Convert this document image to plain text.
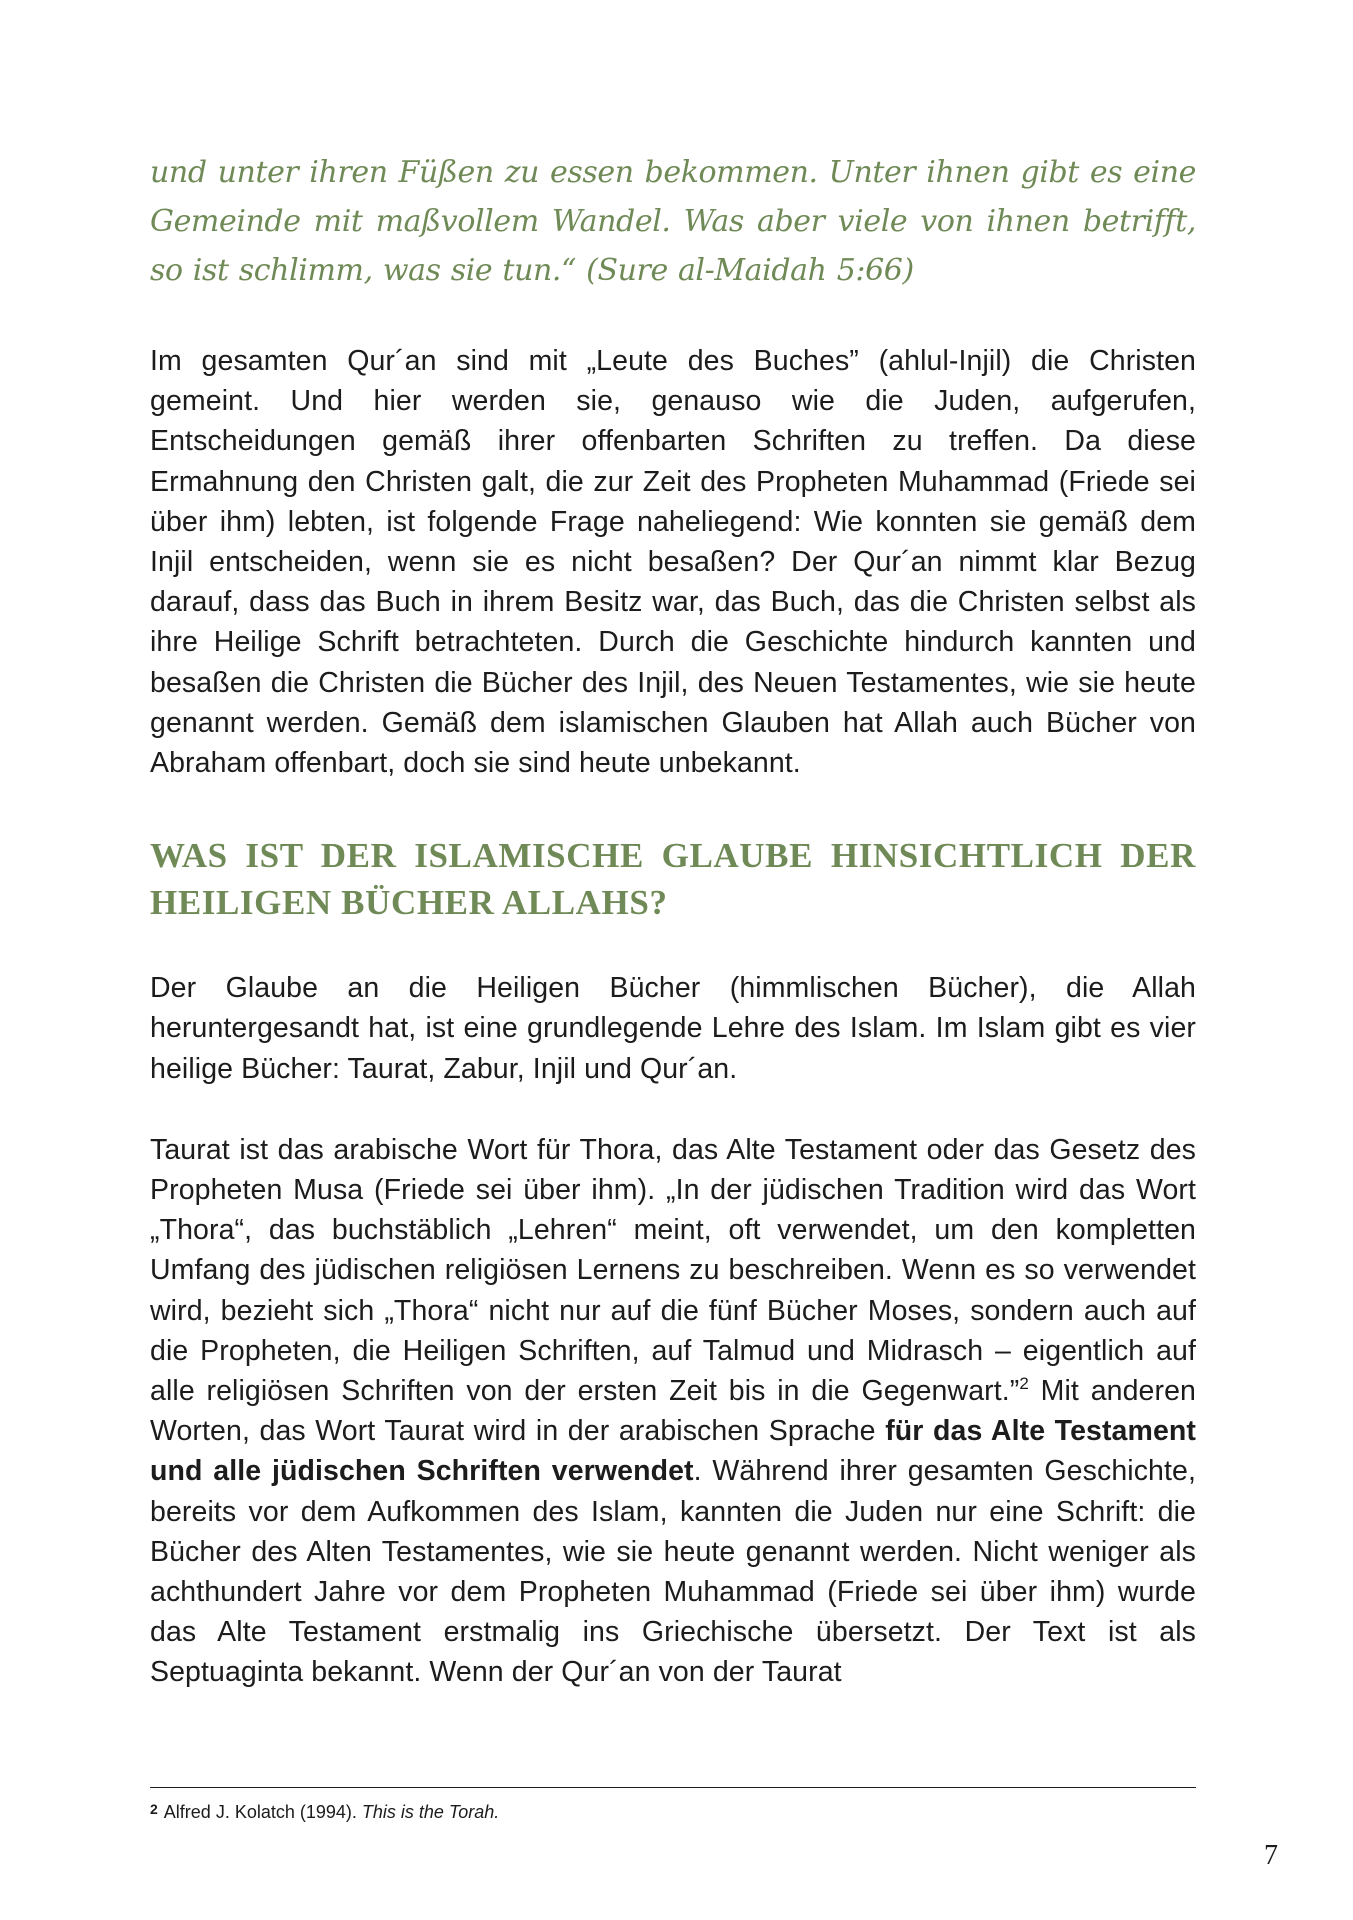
und unter ihren Füßen zu essen bekommen. Unter ihnen gibt es eine Gemeinde mit maßvollem Wandel. Was aber viele von ihnen betrifft, so ist schlimm, was sie tun.“ (Sure al-Maidah 5:66)

Im gesamten Qur´an sind mit „Leute des Buches” (ahlul-Injil) die Christen gemeint. Und hier werden sie, genauso wie die Juden, aufgerufen, Entscheidungen gemäß ihrer offenbarten Schriften zu treffen. Da diese Ermahnung den Christen galt, die zur Zeit des Propheten Muhammad (Friede sei über ihm) lebten, ist folgende Frage naheliegend: Wie konnten sie gemäß dem Injil entscheiden, wenn sie es nicht besaßen? Der Qur´an nimmt klar Bezug darauf, dass das Buch in ihrem Besitz war, das Buch, das die Christen selbst als ihre Heilige Schrift betrachteten. Durch die Geschichte hindurch kannten und besaßen die Christen die Bücher des Injil, des Neuen Testamentes, wie sie heute genannt werden. Gemäß dem islamischen Glauben hat Allah auch Bücher von Abraham offenbart, doch sie sind heute unbekannt.

WAS IST DER ISLAMISCHE GLAUBE HINSICHTLICH DER HEILIGEN BÜCHER ALLAHS?

Der Glaube an die Heiligen Bücher (himmlischen Bücher), die Allah heruntergesandt hat, ist eine grundlegende Lehre des Islam. Im Islam gibt es vier heilige Bücher: Taurat, Zabur, Injil und Qur´an.

Taurat ist das arabische Wort für Thora, das Alte Testament oder das Gesetz des Propheten Musa (Friede sei über ihm). „In der jüdischen Tradition wird das Wort „Thora“, das buchstäblich „Lehren“ meint, oft verwendet, um den kompletten Umfang des jüdischen religiösen Lernens zu beschreiben. Wenn es so verwendet wird, bezieht sich „Thora“ nicht nur auf die fünf Bücher Moses, sondern auch auf die Propheten, die Heiligen Schriften, auf Talmud und Midrasch – eigentlich auf alle religiösen Schriften von der ersten Zeit bis in die Gegenwart.”$^2$ Mit anderen Worten, das Wort Taurat wird in der arabischen Sprache für das Alte Testament und alle jüdischen Schriften verwendet. Während ihrer gesamten Geschichte, bereits vor dem Aufkommen des Islam, kannten die Juden nur eine Schrift: die Bücher des Alten Testamentes, wie sie heute genannt werden. Nicht weniger als achthundert Jahre vor dem Propheten Muhammad (Friede sei über ihm) wurde das Alte Testament erstmalig ins Griechische übersetzt. Der Text ist als Septuaginta bekannt. Wenn der Qur´an von der Taurat

$^2$ Alfred J. Kolatch (1994). This is the Torah.
7
